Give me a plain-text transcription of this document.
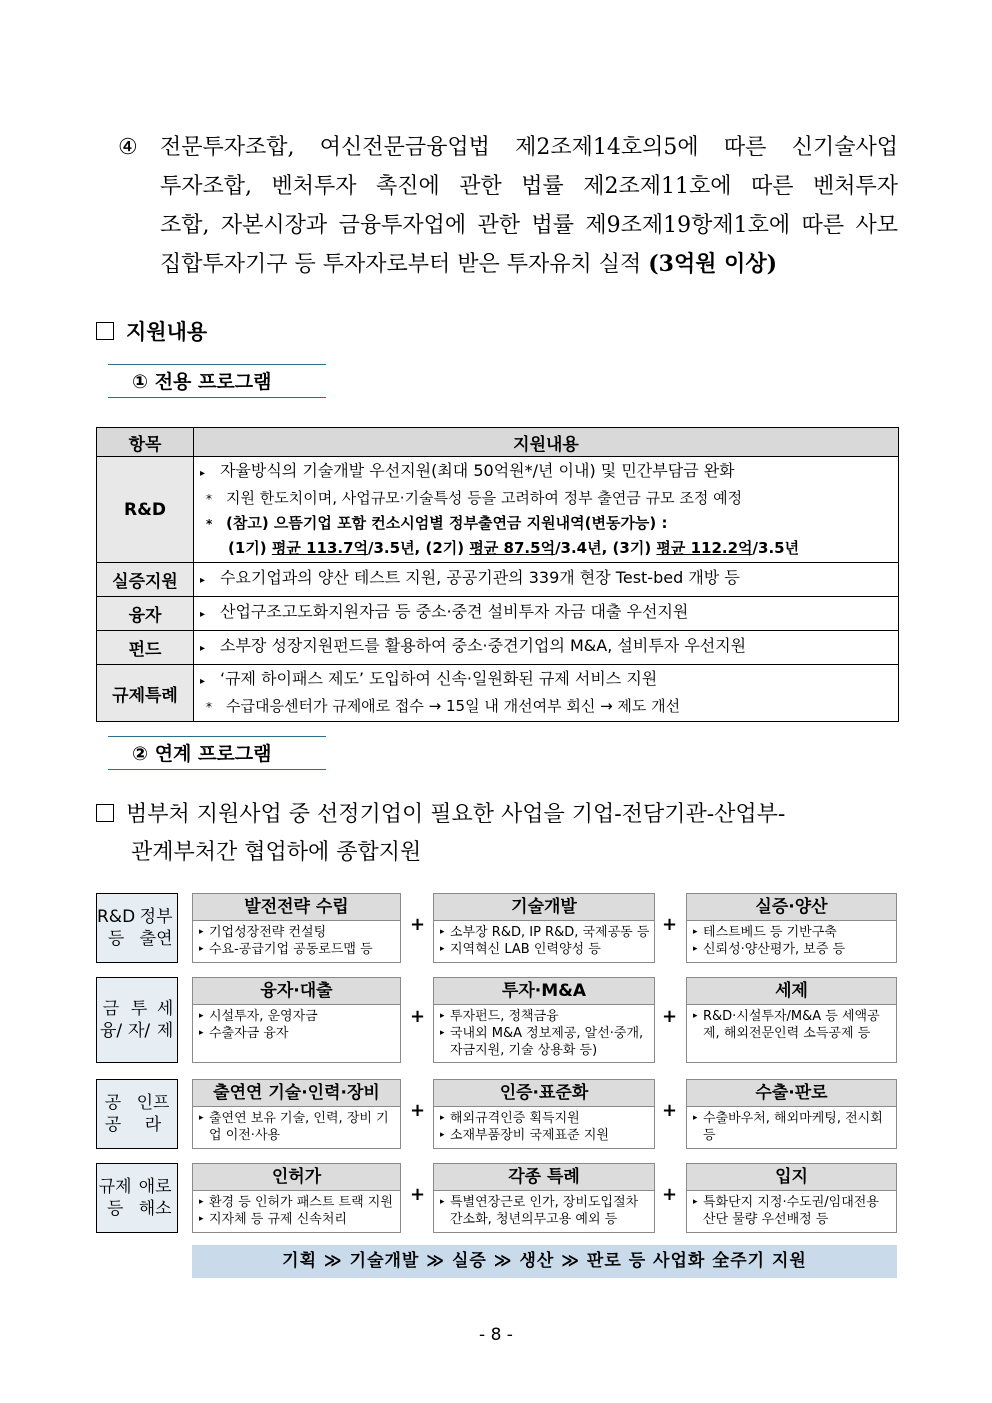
④ 전문투자조합, 여신전문금융업법 제2조제14호의5에 따른 신기술사업
투자조합, 벤처투자 촉진에 관한 법률 제2조제11호에 따른 벤처투자
조합, 자본시장과 금융투자업에 관한 법률 제9조제19항제1호에 따른 사모
집합투자기구 등 투자자로부터 받은 투자유치 실적 (3억원 이상)
지원내용
① 전용 프로그램
항목	지원내용
R&D	▸ 자율방식의 기술개발 우선지원(최대 50억원*/년 이내) 및 민간부담금 완화
* 지원 한도치이며, 사업규모·기술특성 등을 고려하여 정부 출연금 규모 조정 예정
* (참고) 으뜸기업 포함 컨소시엄별 정부출연금 지원내역(변동가능) :
(1기) 평균 113.7억/3.5년, (2기) 평균 87.5억/3.4년, (3기) 평균 112.2억/3.5년

실증지원	▸ 수요기업과의 양산 테스트 지원, 공공기관의 339개 현장 Test-bed 개방 등
융자	▸ 산업구조고도화지원자금 등 중소·중견 설비투자 자금 대출 우선지원
펀드	▸ 소부장 성장지원펀드를 활용하여 중소·중견기업의 M&A, 설비투자 우선지원
규제특례	▸ ‘규제 하이패스 제도’ 도입하여 신속·일원화된 규제 서비스 지원
* 수급대응센터가 규제애로 접수 → 15일 내 개선여부 회신 → 제도 개선
② 연계 프로그램
범부처 지원사업 중 선정기업이 필요한 사업을 기업-전담기관-산업부-
관계부처간 협업하에 종합지원
R&D 등
정부출연
발전전략 수립
▸ 기업성장전략 컨설팅
▸ 수요-공급기업 공동로드맵 등
기술개발
▸ 소부장 R&D, IP R&D, 국제공동 등
▸ 지역혁신 LAB 인력양성 등
실증·양산
▸ 테스트베드 등 기반구축
▸ 신뢰성·양산평가, 보증 등
+	+
금융/
투자/
세제
융자·대출
▸ 시설투자, 운영자금
▸ 수출자금 융자
투자·M&A
▸ 투자펀드, 정책금융
▸ 국내외 M&A 정보제공, 알선·중개, 자금지원, 기술 상용화 등)
세제
▸ R&D·시설투자/M&A 등 세액공제, 해외전문인력 소득공제 등
+	+
공공
인프라
출연연 기술·인력·장비
▸ 출연연 보유 기술, 인력, 장비 기업 이전·사용
인증·표준화
▸ 해외규격인증 획득지원
▸ 소재부품장비 국제표준 지원
수출·판로
▸ 수출바우처, 해외마케팅, 전시회 등
+	+
규제 등
애로해소
인허가
▸ 환경 등 인허가 패스트 트랙 지원
▸ 지자체 등 규제 신속처리
각종 특례
▸ 특별연장근로 인가, 장비도입절차 간소화, 청년의무고용 예외 등
입지
▸ 특화단지 지정·수도권/임대전용 산단 물량 우선배정 등
+	+
기획 ≫ 기술개발 ≫ 실증 ≫ 생산 ≫ 판로 등 사업화 全주기 지원
- 8 -
